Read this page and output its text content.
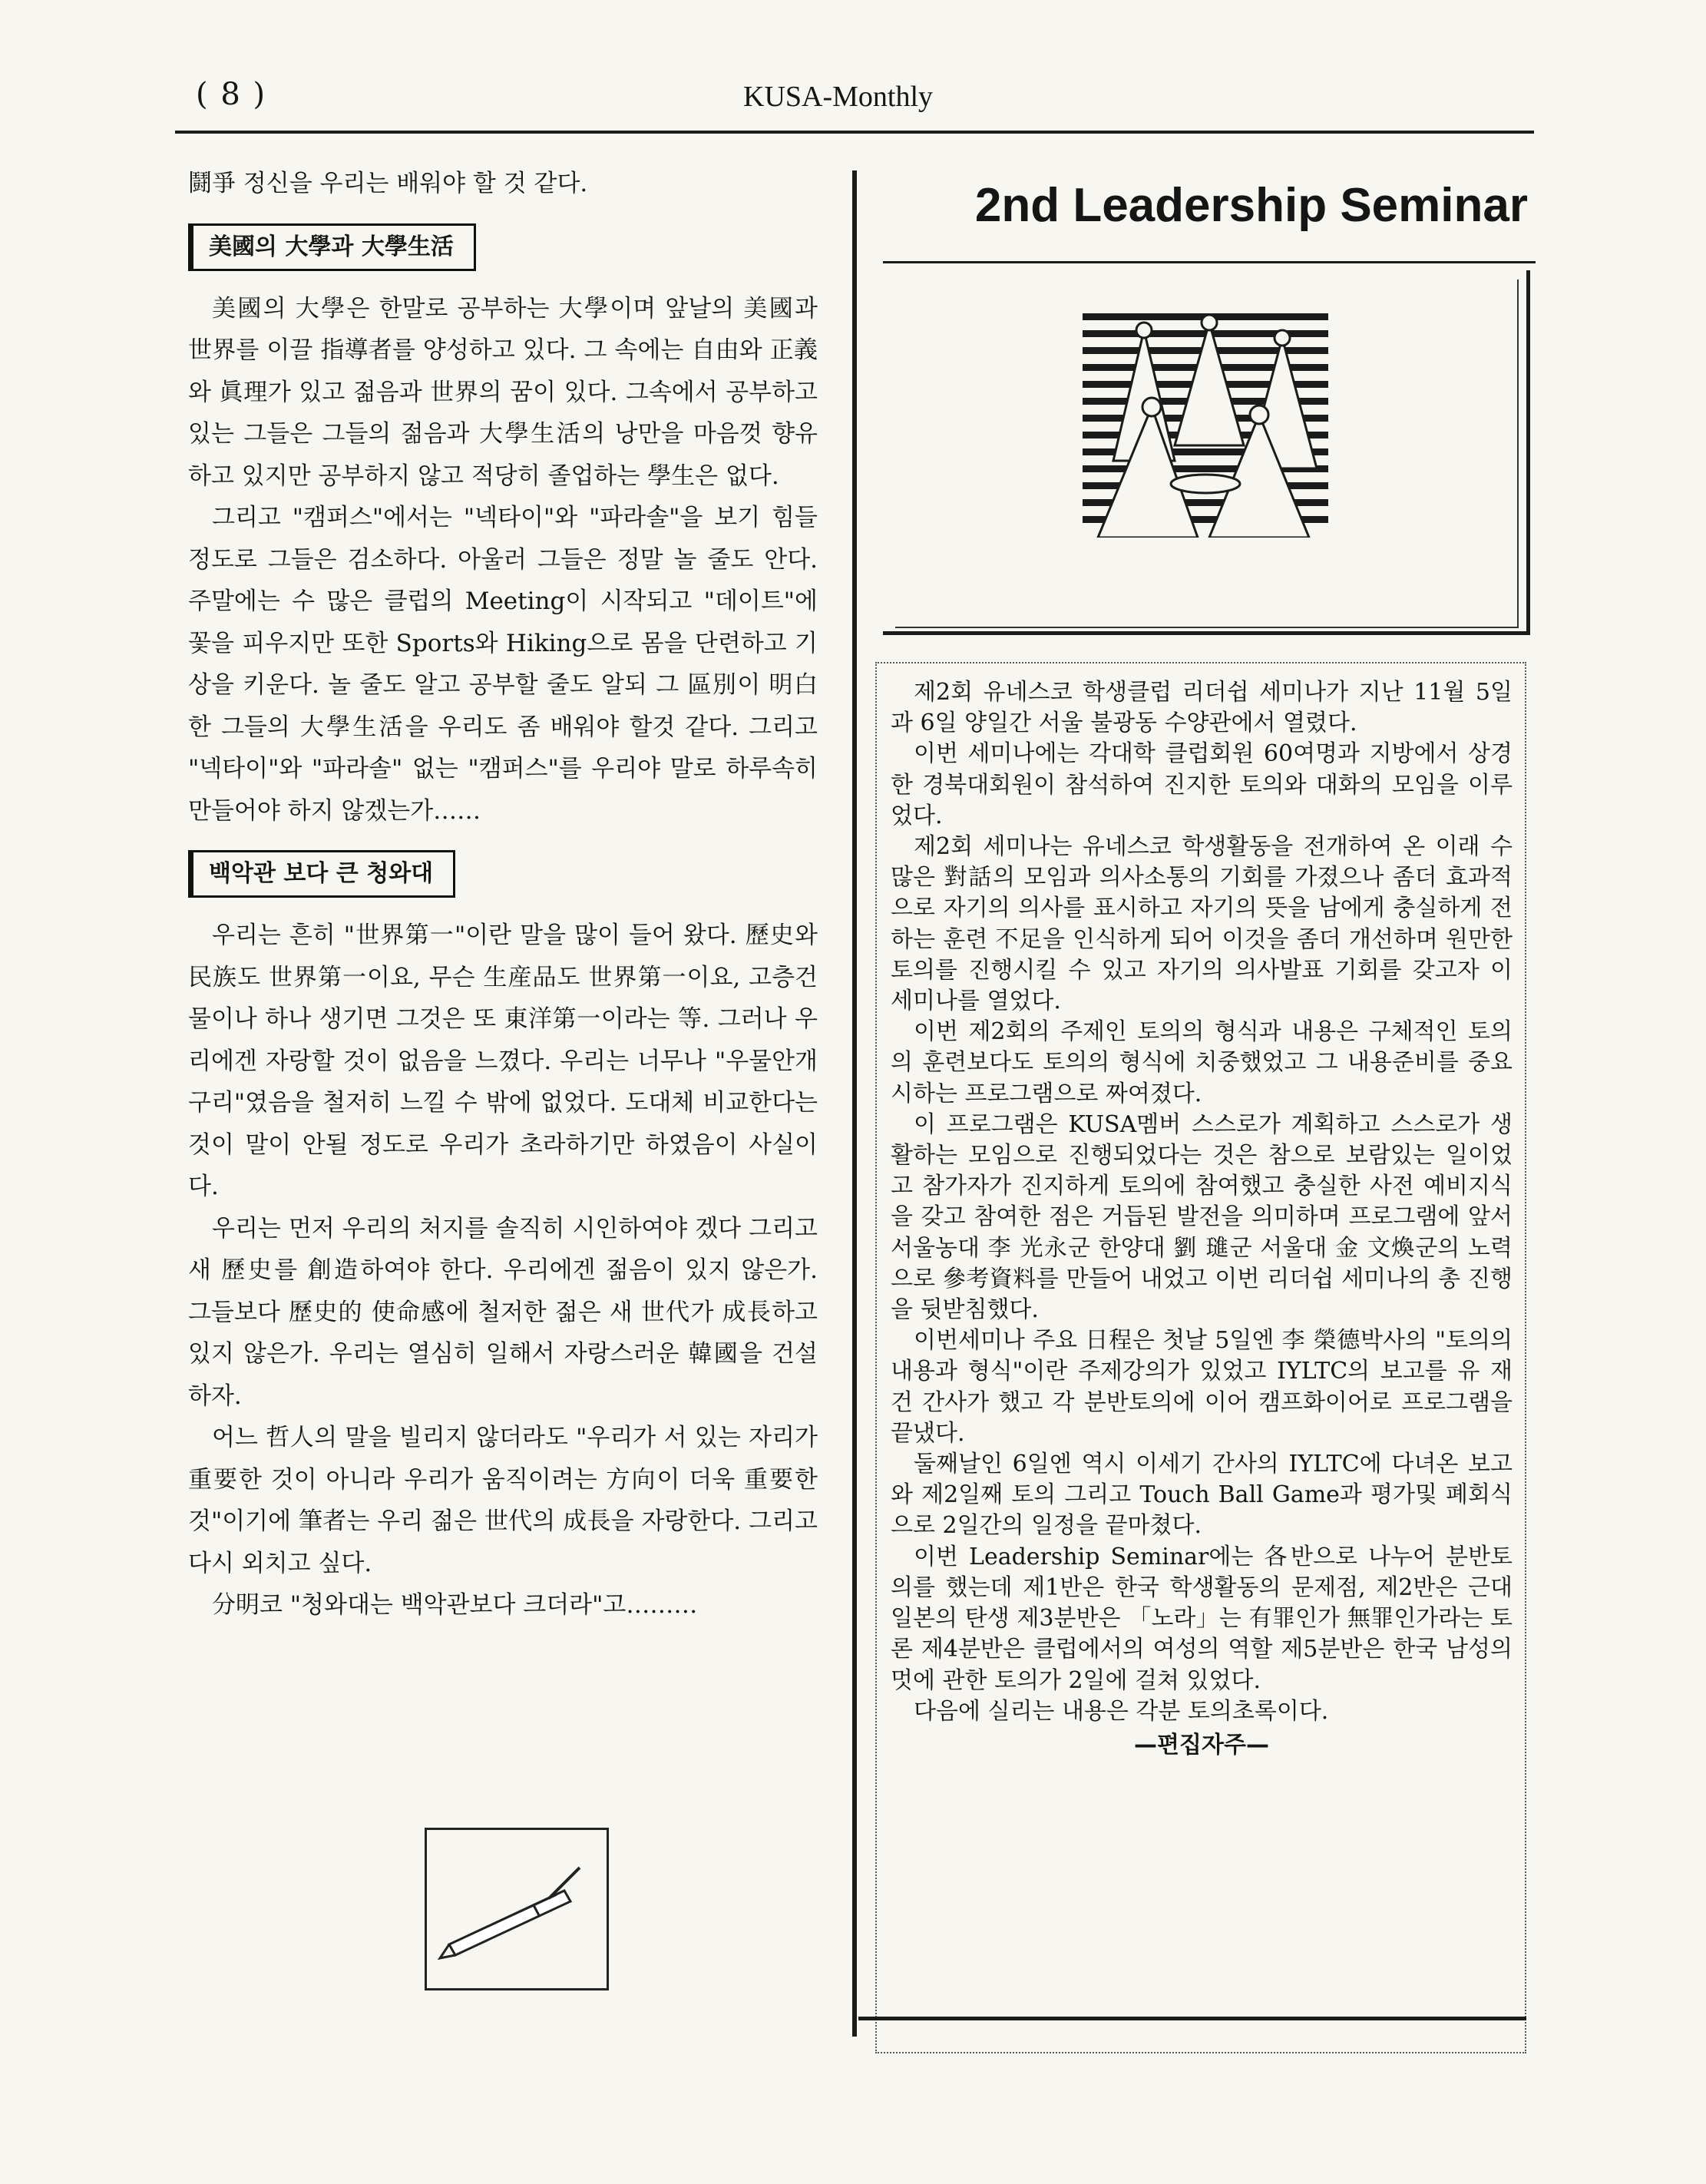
( 8 )	KUSA-Monthly

鬪爭 정신을 우리는 배워야 할 것 같다.

美國의 大學과 大學生活

美國의 大學은 한말로 공부하는 大學이며 앞날의 美國과 世界를 이끌 指導者를 양성하고 있다. 그 속에는 自由와 正義와 眞理가 있고 젊음과 世界의 꿈이 있다. 그속에서 공부하고 있는 그들은 그들의 젊음과 大學生活의 낭만을 마음껏 향유하고 있지만 공부하지 않고 적당히 졸업하는 學生은 없다.

그리고 "캠퍼스"에서는 "넥타이"와 "파라솔"을 보기 힘들 정도로 그들은 검소하다. 아울러 그들은 정말 놀 줄도 안다. 주말에는 수 많은 클럽의 Meeting이 시작되고 "데이트"에 꽃을 피우지만 또한 Sports와 Hiking으로 몸을 단련하고 기상을 키운다. 놀 줄도 알고 공부할 줄도 알되 그 區別이 明白한 그들의 大學生活을 우리도 좀 배워야 할것 같다. 그리고 "넥타이"와 "파라솔" 없는 "캠퍼스"를 우리야 말로 하루속히 만들어야 하지 않겠는가……

백악관 보다 큰 청와대

우리는 흔히 "世界第一"이란 말을 많이 들어 왔다. 歷史와 民族도 世界第一이요, 무슨 生産品도 世界第一이요, 고층건물이나 하나 생기면 그것은 또 東洋第一이라는 等. 그러나 우리에겐 자랑할 것이 없음을 느꼈다. 우리는 너무나 "우물안개구리"였음을 철저히 느낄 수 밖에 없었다. 도대체 비교한다는 것이 말이 안될 정도로 우리가 초라하기만 하였음이 사실이다.

우리는 먼저 우리의 처지를 솔직히 시인하여야 겠다 그리고 새 歷史를 創造하여야 한다. 우리에겐 젊음이 있지 않은가. 그들보다 歷史的 使命感에 철저한 젊은 새 世代가 成長하고 있지 않은가. 우리는 열심히 일해서 자랑스러운 韓國을 건설하자.

어느 哲人의 말을 빌리지 않더라도 "우리가 서 있는 자리가 重要한 것이 아니라 우리가 움직이려는 方向이 더욱 重要한 것"이기에 筆者는 우리 젊은 世代의 成長을 자랑한다. 그리고 다시 외치고 싶다.

分明코 "청와대는 백악관보다 크더라"고………

2nd Leadership Seminar

제2회 유네스코 학생클럽 리더쉽 세미나가 지난 11월 5일과 6일 양일간 서울 불광동 수양관에서 열렸다.

이번 세미나에는 각대학 클럽회원 60여명과 지방에서 상경한 경북대회원이 참석하여 진지한 토의와 대화의 모임을 이루었다.

제2회 세미나는 유네스코 학생활동을 전개하여 온 이래 수많은 對話의 모임과 의사소통의 기회를 가졌으나 좀더 효과적으로 자기의 의사를 표시하고 자기의 뜻을 남에게 충실하게 전하는 훈련 不足을 인식하게 되어 이것을 좀더 개선하며 원만한 토의를 진행시킬 수 있고 자기의 의사발표 기회를 갖고자 이 세미나를 열었다.

이번 제2회의 주제인 토의의 형식과 내용은 구체적인 토의의 훈련보다도 토의의 형식에 치중했었고 그 내용준비를 중요시하는 프로그램으로 짜여졌다.

이 프로그램은 KUSA멤버 스스로가 계획하고 스스로가 생활하는 모임으로 진행되었다는 것은 참으로 보람있는 일이었고 참가자가 진지하게 토의에 참여했고 충실한 사전 예비지식을 갖고 참여한 점은 거듭된 발전을 의미하며 프로그램에 앞서 서울농대 李 光永군 한양대 劉 璡군 서울대 金 文煥군의 노력으로 參考資料를 만들어 내었고 이번 리더쉽 세미나의 총 진행을 뒷받침했다.

이번세미나 주요 日程은 첫날 5일엔 李 榮德박사의 "토의의 내용과 형식"이란 주제강의가 있었고 IYLTC의 보고를 유 재건 간사가 했고 각 분반토의에 이어 캠프화이어로 프로그램을 끝냈다.

둘째날인 6일엔 역시 이세기 간사의 IYLTC에 다녀온 보고와 제2일째 토의 그리고 Touch Ball Game과 평가및 폐회식으로 2일간의 일정을 끝마쳤다.

이번 Leadership Seminar에는 各반으로 나누어 분반토의를 했는데 제1반은 한국 학생활동의 문제점, 제2반은 근대 일본의 탄생 제3분반은 「노라」는 有罪인가 無罪인가라는 토론 제4분반은 클럽에서의 여성의 역할 제5분반은 한국 남성의 멋에 관한 토의가 2일에 걸쳐 있었다.

다음에 실리는 내용은 각분 토의초록이다.

—편집자주—
